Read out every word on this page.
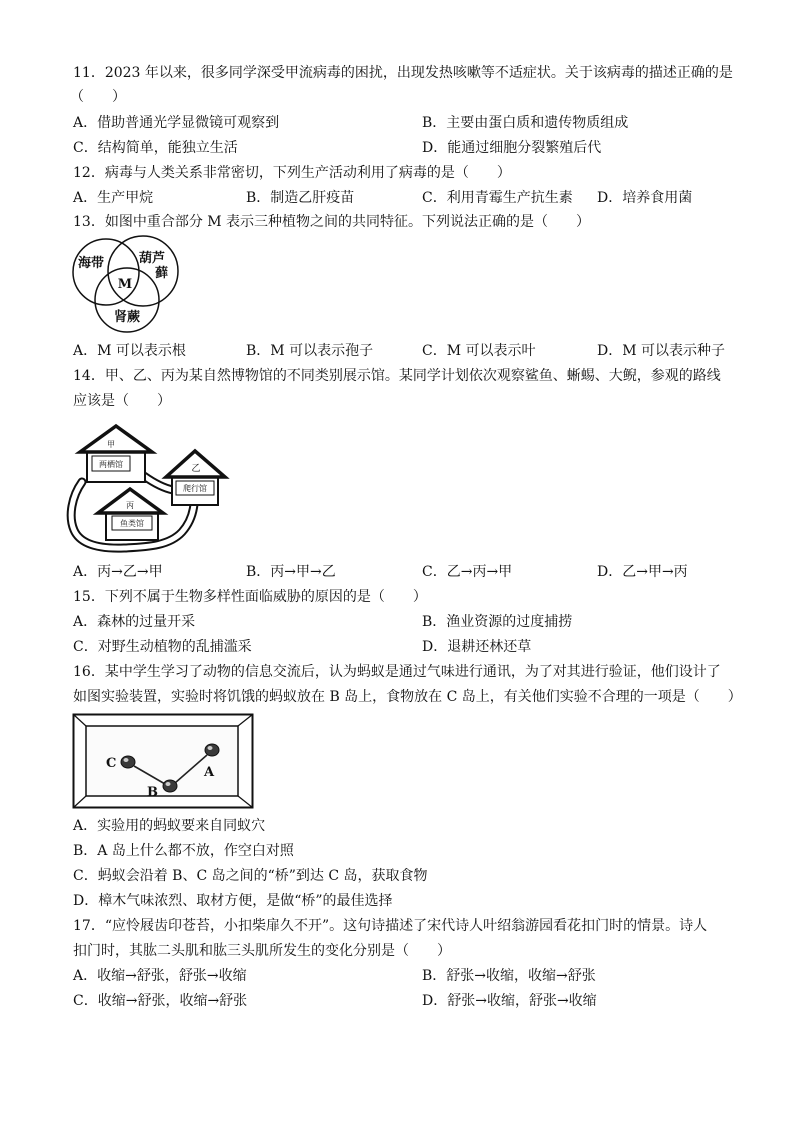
11．2023 年以来，很多同学深受甲流病毒的困扰，出现发热咳嗽等不适症状。关于该病毒的描述正确的是
（　　）
A．借助普通光学显微镜可观察到	B．主要由蛋白质和遗传物质组成
C．结构简单，能独立生活	D．能通过细胞分裂繁殖后代
12．病毒与人类关系非常密切，下列生产活动利用了病毒的是（　　）
A．生产甲烷	B．制造乙肝疫苗	C．利用青霉生产抗生素 D．培养食用菌
13．如图中重合部分 M 表示三种植物之间的共同特征。下列说法正确的是（　　）
海带	葫芦
藓
M
肾蕨
A．M 可以表示根	B．M 可以表示孢子	C．M 可以表示叶	D．M 可以表示种子
14．甲、乙、丙为某自然博物馆的不同类别展示馆。某同学计划依次观察鲨鱼、蜥蜴、大鲵，参观的路线
应该是（　　）
甲
两栖馆	乙
爬行馆
丙
鱼类馆
A．丙→乙→甲	B．丙→甲→乙	C．乙→丙→甲	D．乙→甲→丙
15．下列不属于生物多样性面临威胁的原因的是（　　）
A．森林的过量开采	B．渔业资源的过度捕捞
C．对野生动植物的乱捕滥采	D．退耕还林还草
16．某中学生学习了动物的信息交流后，认为蚂蚁是通过气味进行通讯，为了对其进行验证，他们设计了
如图实验装置，实验时将饥饿的蚂蚁放在 B 岛上，食物放在 C 岛上，有关他们实验不合理的一项是（　　）
C
A
B
A．实验用的蚂蚁要来自同蚁穴
B．A 岛上什么都不放，作空白对照
C．蚂蚁会沿着 B、C 岛之间的“桥”到达 C 岛，获取食物
D．樟木气味浓烈、取材方便，是做“桥”的最佳选择
17．“应怜屐齿印苍苔，小扣柴扉久不开”。这句诗描述了宋代诗人叶绍翁游园看花扣门时的情景。诗人
扣门时，其肱二头肌和肱三头肌所发生的变化分别是（　　）
A．收缩→舒张，舒张→收缩	B．舒张→收缩，收缩→舒张
C．收缩→舒张，收缩→舒张	D．舒张→收缩，舒张→收缩
